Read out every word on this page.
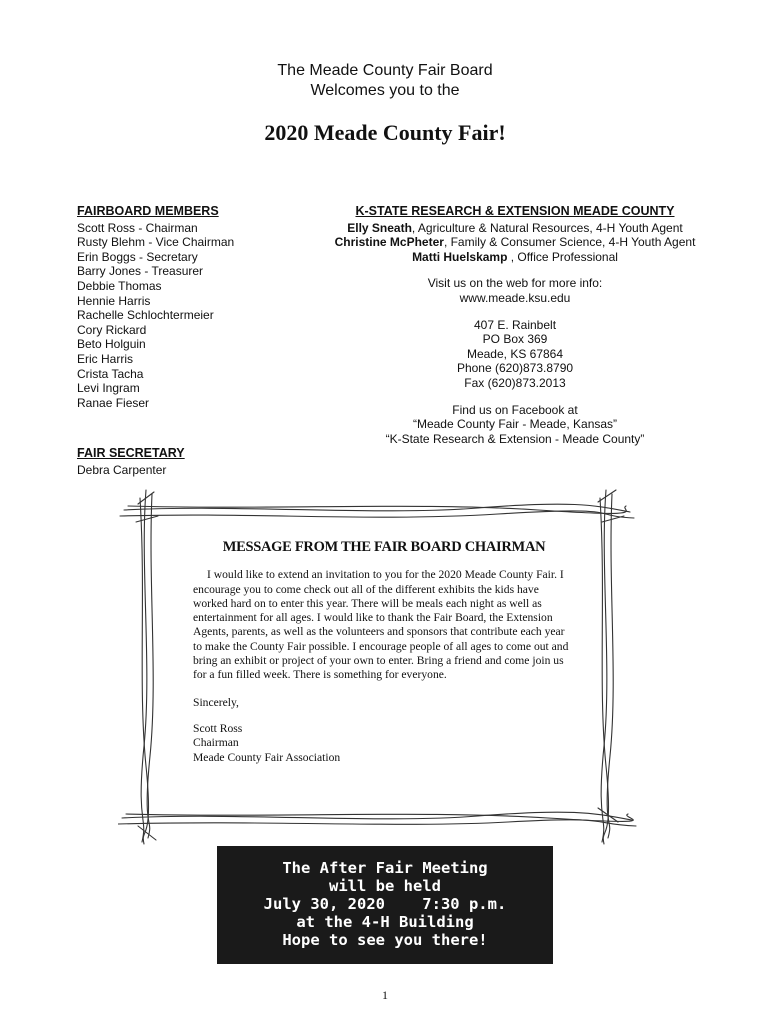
The Meade County Fair Board
Welcomes you to the
2020 Meade County Fair!
FAIRBOARD MEMBERS
Scott Ross - Chairman
Rusty Blehm - Vice Chairman
Erin Boggs - Secretary
Barry Jones - Treasurer
Debbie Thomas
Hennie Harris
Rachelle Schlochtermeier
Cory Rickard
Beto Holguin
Eric Harris
Crista Tacha
Levi Ingram
Ranae Fieser
FAIR SECRETARY
Debra Carpenter
K-STATE RESEARCH & EXTENSION MEADE COUNTY
Elly Sneath, Agriculture & Natural Resources, 4-H Youth Agent
Christine McPheter, Family & Consumer Science, 4-H Youth Agent
Matti Huelskamp , Office Professional
Visit us on the web for more info:
www.meade.ksu.edu
407 E. Rainbelt
PO Box 369
Meade, KS 67864
Phone (620)873.8790
Fax (620)873.2013
Find us on Facebook at
“Meade County Fair - Meade, Kansas”
“K-State Research & Extension - Meade County”
MESSAGE FROM THE FAIR BOARD CHAIRMAN

I would like to extend an invitation to you for the 2020 Meade County Fair. I encourage you to come check out all of the different exhibits the kids have worked hard on to enter this year. There will be meals each night as well as entertainment for all ages. I would like to thank the Fair Board, the Extension Agents, parents, as well as the volunteers and sponsors that contribute each year to make the County Fair possible. I encourage people of all ages to come out and bring an exhibit or project of your own to enter. Bring a friend and come join us for a fun filled week. There is something for everyone.

Sincerely,

Scott Ross
Chairman
Meade County Fair Association
The After Fair Meeting
will be held
July 30, 2020    7:30 p.m.
at the 4-H Building
Hope to see you there!
1
